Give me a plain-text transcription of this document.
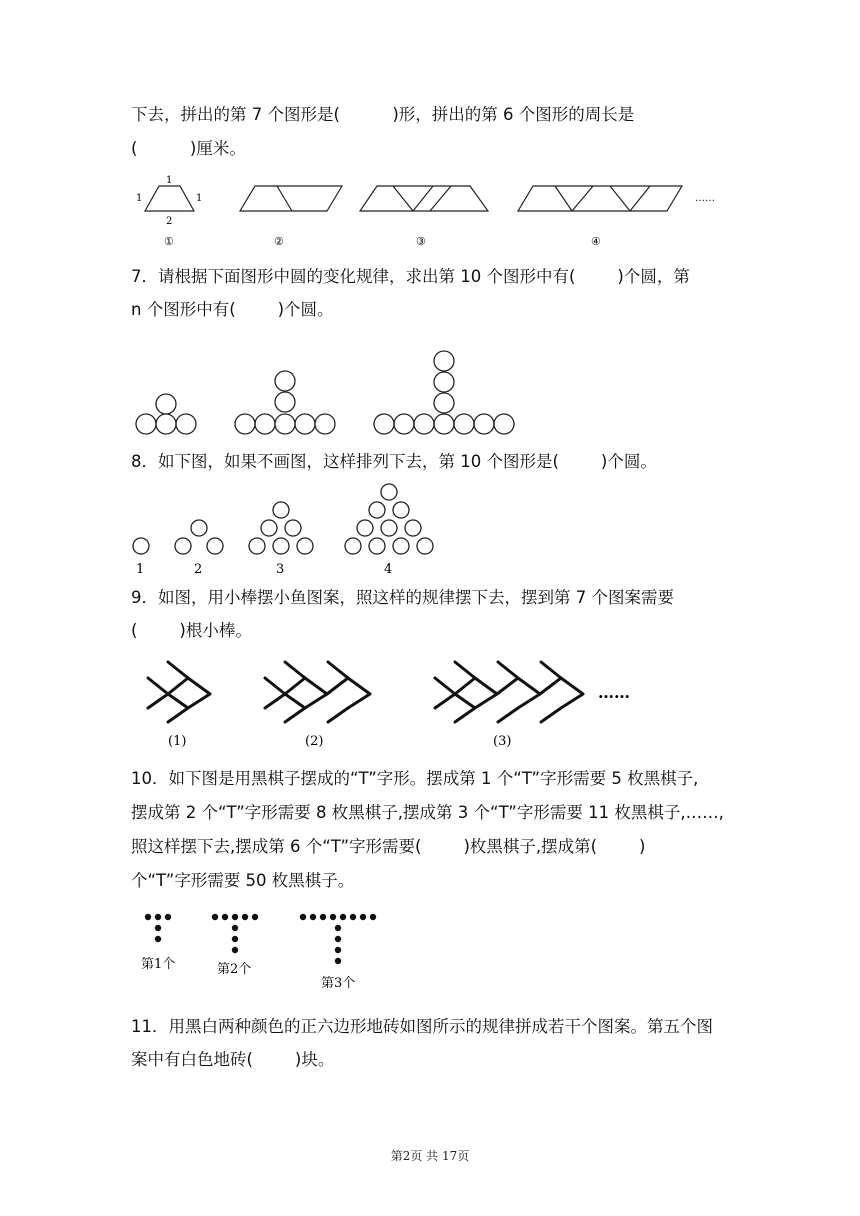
下去，拼出的第 7 个图形是(          )形，拼出的第 6 个图形的周长是
(          )厘米。
1
1	1
2
……
①	②	③	④
7．请根据下面图形中圆的变化规律，求出第 10 个图形中有(        )个圆，第
n 个图形中有(        )个圆。
8．如下图，如果不画图，这样排列下去，第 10 个图形是(        )个圆。
1	2	3	4
9．如图，用小棒摆小鱼图案，照这样的规律摆下去，摆到第 7 个图案需要
(        )根小棒。
……
(1)	(2)	(3)
10．如下图是用黑棋子摆成的“T”字形。摆成第 1 个“T”字形需要 5 枚黑棋子,
摆成第 2 个“T”字形需要 8 枚黑棋子,摆成第 3 个“T”字形需要 11 枚黑棋子,……,
照这样摆下去,摆成第 6 个“T”字形需要(        )枚黑棋子,摆成第(        )
个“T”字形需要 50 枚黑棋子。
第1个	第2个
第3个
11．用黑白两种颜色的正六边形地砖如图所示的规律拼成若干个图案。第五个图
案中有白色地砖(        )块。
第2页 共 17页
